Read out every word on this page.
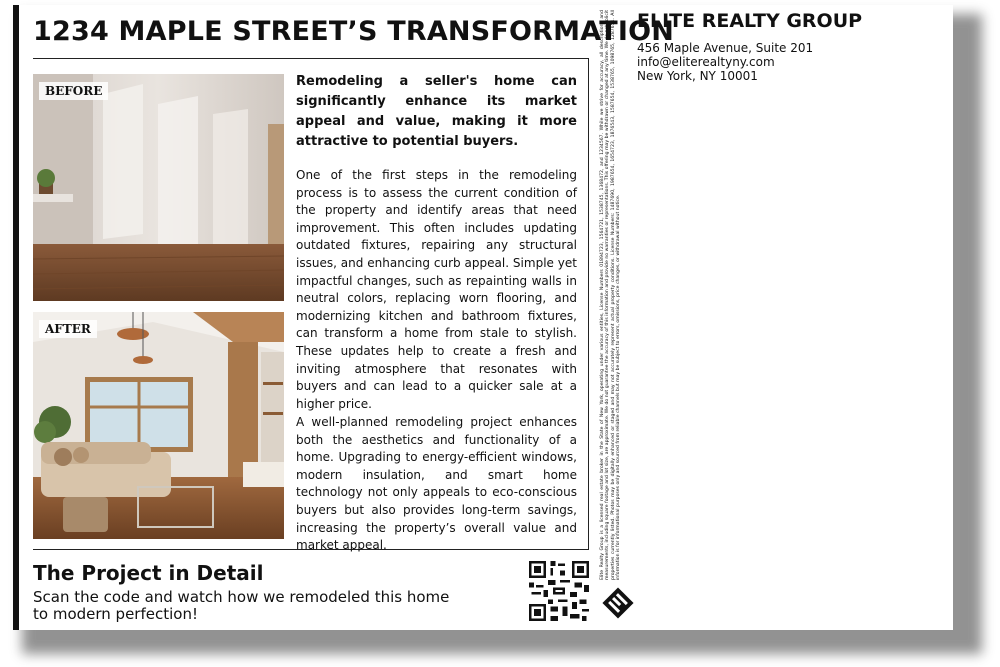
1234 MAPLE STREET’S TRANSFORMATION
BEFORE
AFTER
Remodeling a seller's home can significantly enhance its market appeal and value, making it more attractive to potential buyers.
One of the first steps in the remodeling process is to assess the current condition of the property and identify areas that need improvement. This often includes updating outdated fixtures, repairing any structural issues, and enhancing curb appeal. Simple yet impactful changes, such as repainting walls in neutral colors, replacing worn flooring, and modernizing kitchen and bathroom fixtures, can transform a home from stale to stylish. These updates help to create a fresh and inviting atmosphere that resonates with buyers and can lead to a quicker sale at a higher price.
A well-planned remodeling project enhances both the aesthetics and functionality of a home. Upgrading to energy-efficient windows, modern insulation, and smart home technology not only appeals to eco-conscious buyers but also provides long-term savings, increasing the property’s overall value and market appeal.
The Project in Detail
Scan the code and watch how we remodeled this home to modern perfection!
Elite Realty Group is a licensed real estate broker in the State of New York, operating under various entities, License Numbers 01894723, 1564721, 1538745, 1368472, and 1234567. While we strive for accuracy, all descriptions and measurements, including square footage and lot size, are approximate. We do not guarantee the accuracy of this information and provide no warranties or representations. This offering may be withdrawn or changed at any time. We do not solicit properties currently listed. Photos may be digitally enhanced or staged and may not accurately represent actual property conditions. License Numbers: 1487690, 1987654, 1654723, 1876543, 1587654, 1538765, 1098765, 1287654. All information is for informational purposes only and sourced from reliable channels but may be subject to errors, omissions, price changes, or withdrawal without notice.
ELITE REALTY GROUP
456 Maple Avenue, Suite 201
info@eliterealtyny.com
New York, NY 10001
